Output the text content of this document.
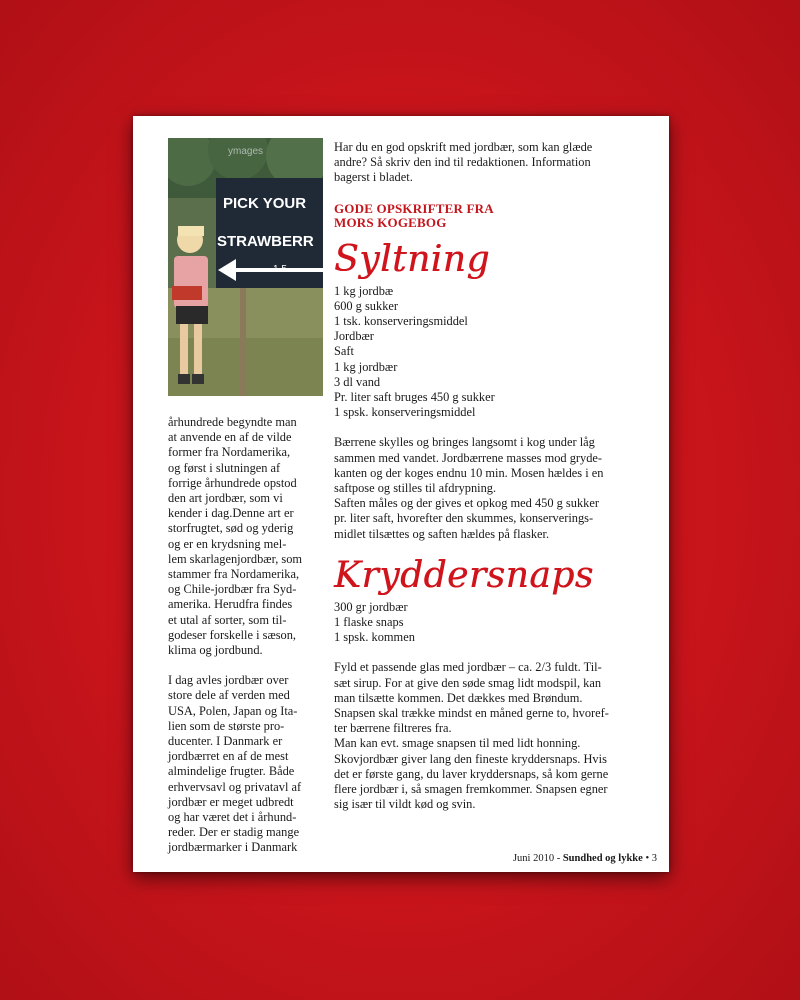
ymages
PICK YOUR
STRAWBERR

århundrede begyndte man
at anvende en af de vilde
former fra Nordamerika,
og først i slutningen af
forrige århundrede opstod
den art jordbær, som vi
kender i dag.Denne art er
storfrugtet, sød og yderig
og er en krydsning mel-
lem skarlagenjordbær, som
stammer fra Nordamerika,
og Chile-jordbær fra Syd-
amerika. Herudfra findes
et utal af sorter, som til-
godeser forskelle i sæson,
klima og jordbund.

I dag avles jordbær over
store dele af verden med
USA, Polen, Japan og Ita-
lien som de største pro-
ducenter. I Danmark er
jordbærret en af de mest
almindelige frugter. Både
erhvervsavl og privatavl af
jordbær er meget udbredt
og har været det i århund-
reder. Der er stadig mange
jordbærmarker i Danmark

Har du en god opskrift med jordbær, som kan glæde
andre? Så skriv den ind til redaktionen. Information
bagerst i bladet.

GODE OPSKRIFTER FRA
MORS KOGEBOG

Syltning
1 kg jordbæ
600 g sukker
1 tsk. konserveringsmiddel
Jordbær
Saft
1 kg jordbær
3 dl vand
Pr. liter saft bruges 450 g sukker
1 spsk. konserveringsmiddel

Bærrene skylles og bringes langsomt i kog under låg
sammen med vandet. Jordbærrene masses mod gryde-
kanten og der koges endnu 10 min. Mosen hældes i en
saftpose og stilles til afdrypning.
Saften måles og der gives et opkog med 450 g sukker
pr. liter saft, hvorefter den skummes, konserverings-
midlet tilsættes og saften hældes på flasker.

Kryddersnaps
300 gr jordbær
1 flaske snaps
1 spsk. kommen

Fyld et passende glas med jordbær – ca. 2/3 fuldt. Til-
sæt sirup. For at give den søde smag lidt modspil, kan
man tilsætte kommen. Det dækkes med Brøndum.
Snapsen skal trække mindst en måned gerne to, hvoref-
ter bærrene filtreres fra.
Man kan evt. smage snapsen til med lidt honning.
Skovjordbær giver lang den fineste kryddersnaps. Hvis
det er første gang, du laver kryddersnaps, så kom gerne
flere jordbær i, så smagen fremkommer. Snapsen egner
sig især til vildt kød og svin.

Juni 2010 - Sundhed og lykke • 3
